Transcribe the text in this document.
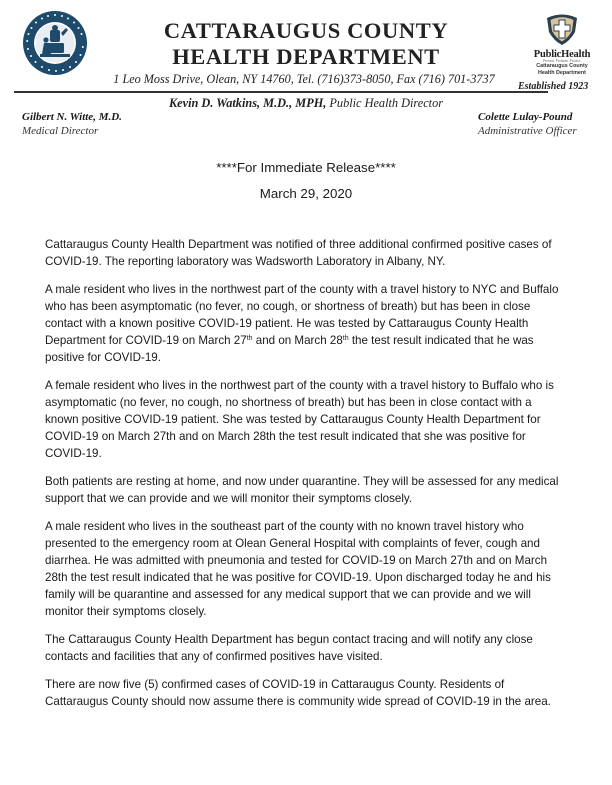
CATTARAUGUS COUNTY
HEALTH DEPARTMENT
1 Leo Moss Drive, Olean, NY 14760, Tel. (716)373-8050, Fax (716) 701-3737
Kevin D. Watkins, M.D., MPH, Public Health Director
Gilbert N. Witte, M.D.
Medical Director
Colette Lulay-Pound
Administrative Officer
PublicHealth
Prevent. Promote. Protect.
Cattaraugus County
Health Department
Established 1923
****For Immediate Release****
March 29, 2020

Cattaraugus County Health Department was notified of three additional confirmed positive cases of COVID-19. The reporting laboratory was Wadsworth Laboratory in Albany, NY.

A male resident who lives in the northwest part of the county with a travel history to NYC and Buffalo who has been asymptomatic (no fever, no cough, or shortness of breath) but has been in close contact with a known positive COVID-19 patient. He was tested by Cattaraugus County Health Department for COVID-19 on March 27th and on March 28th the test result indicated that he was positive for COVID-19.

A female resident who lives in the northwest part of the county with a travel history to Buffalo who is asymptomatic (no fever, no cough, no shortness of breath) but has been in close contact with a known positive COVID-19 patient. She was tested by Cattaraugus County Health Department for COVID-19 on March 27th and on March 28th the test result indicated that she was positive for COVID-19.

Both patients are resting at home, and now under quarantine. They will be assessed for any medical support that we can provide and we will monitor their symptoms closely.

A male resident who lives in the southeast part of the county with no known travel history who presented to the emergency room at Olean General Hospital with complaints of fever, cough and diarrhea. He was admitted with pneumonia and tested for COVID-19 on March 27th and on March 28th the test result indicated that he was positive for COVID-19. Upon discharged today he and his family will be quarantine and assessed for any medical support that we can provide and we will monitor their symptoms closely.

The Cattaraugus County Health Department has begun contact tracing and will notify any close contacts and facilities that any of confirmed positives have visited.

There are now five (5) confirmed cases of COVID-19 in Cattaraugus County. Residents of Cattaraugus County should now assume there is community wide spread of COVID-19 in the area.
